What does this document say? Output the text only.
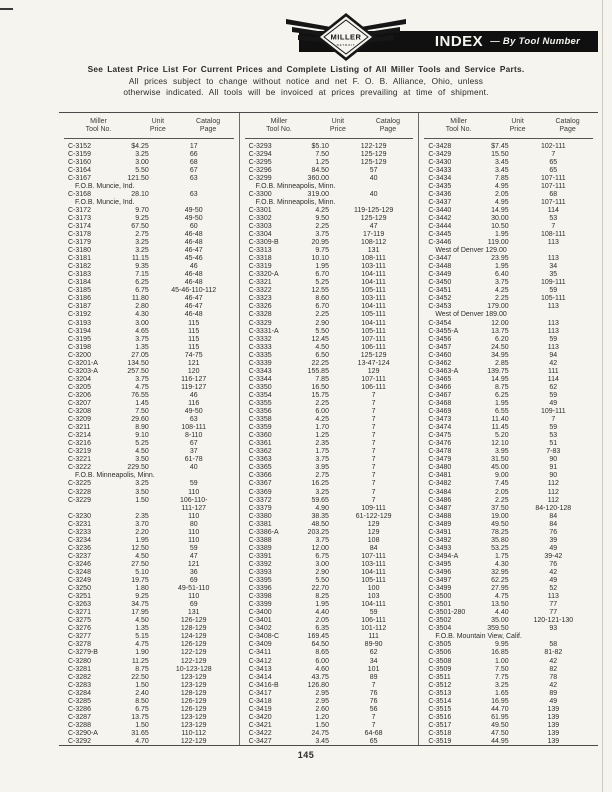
INDEX — By Tool Number
MILLER
DETROIT
See Latest Price List For Current Prices and Complete Listing of All Miller Tools and Service Parts.
All prices subject to change without notice and net F. O. B. Alliance, Ohio, unless
otherwise indicated. All tools will be invoiced at prices prevailing at time of shipment.
Miller
Tool No.
Unit
Price
Catalog
Page
C-3152	$4.25	17
C-3159	3.25	66
C-3160	3.00	68
C-3164	5.50	67
C-3167	121.50	63
F.O.B. Muncie, Ind.
C-3168	28.10	63
F.O.B. Muncie, Ind.
C-3172	9.70	49-50
C-3173	9.25	49-50
C-3174	67.50	60
C-3178	2.75	46-48
C-3179	3.25	46-48
C-3180	3.25	46-47
C-3181	11.15	45-46
C-3182	9.35	46
C-3183	7.15	46-48
C-3184	6.25	46-48
C-3185	6.75	45-46-110-112
C-3186	11.80	46-47
C-3187	2.80	46-47
C-3192	4.30	46-48
C-3193	3.00	115
C-3194	4.65	115
C-3195	3.75	115
C-3198	1.35	115
C-3200	27.05	74-75
C-3201-A	134.50	121
C-3203-A	257.50	120
C-3204	3.75	116-127
C-3205	4.75	119-127
C-3206	76.55	46
C-3207	1.45	116
C-3208	7.50	49-50
C-3209	29.60	63
C-3211	8.90	108-111
C-3214	9.10	8-110
C-3216	5.25	67
C-3219	4.50	37
C-3221	3.50	61-78
C-3222	229.50	40
F.O.B. Minneapolis, Minn.
C-3225	3.25	59
C-3228	3.50	110
C-3229	1.50	106-110-
111-127
C-3230	2.35	110
C-3231	3.70	80
C-3233	2.20	110
C-3234	1.95	110
C-3236	12.50	59
C-3237	4.50	47
C-3246	27.50	121
C-3248	5.10	36
C-3249	19.75	69
C-3250	1.80	49-51-110
C-3251	9.25	110
C-3263	34.75	69
C-3271	17.95	131
C-3275	4.50	126-129
C-3276	1.35	128-129
C-3277	5.15	124-129
C-3278	4.75	126-129
C-3279-B	1.90	122-129
C-3280	11.25	122-129
C-3281	8.75	10-123-128
C-3282	22.50	123-129
C-3283	1.50	123-129
C-3284	2.40	128-129
C-3285	8.50	126-129
C-3286	6.75	126-129
C-3287	13.75	123-129
C-3288	1.50	123-129
C-3290-A	31.65	110-112
C-3292	4.70	122-129
Miller
Tool No.
Unit
Price
Catalog
Page
C-3293	$5.10	122-129
C-3294	7.50	125-129
C-3295	1.25	125-129
C-3296	84.50	57
C-3299	360.00	40
F.O.B. Minneapolis, Minn.
C-3300	319.00	40
F.O.B. Minneapolis, Minn.
C-3301	4.25	119-125-129
C-3302	9.50	125-129
C-3303	2.25	47
C-3304	3.75	17-119
C-3309-B	20.95	108-112
C-3313	9.75	131
C-3318	10.10	108-111
C-3319	1.95	103-111
C-3320-A	6.70	104-111
C-3321	5.25	104-111
C-3322	12.55	105-111
C-3323	8.60	103-111
C-3326	6.70	104-111
C-3328	2.25	105-111
C-3329	2.90	104-111
C-3331-A	5.50	105-111
C-3332	12.45	107-111
C-3333	4.50	106-111
C-3335	6.50	125-129
C-3339	22.25	13-47-124
C-3343	155.85	129
C-3344	7.85	107-111
C-3350	16.50	106-111
C-3354	15.75	7
C-3355	2.25	7
C-3356	6.00	7
C-3358	4.25	7
C-3359	1.70	7
C-3360	1.25	7
C-3361	2.35	7
C-3362	1.75	7
C-3363	3.75	7
C-3365	3.95	7
C-3366	2.75	7
C-3367	16.25	7
C-3369	3.25	7
C-3372	59.65	7
C-3379	4.90	109-111
C-3380	38.35	61-122-129
C-3381	48.50	129
C-3386-A	203.25	129
C-3388	3.75	108
C-3389	12.00	84
C-3391	6.75	107-111
C-3392	3.00	103-111
C-3393	2.90	104-111
C-3395	5.50	105-111
C-3396	22.70	100
C-3398	8.25	103
C-3399	1.95	104-111
C-3400	4.40	59
C-3401	2.05	106-111
C-3402	6.35	101-112
C-3408-C	169.45	111
C-3409	64.50	89-90
C-3411	8.65	62
C-3412	6.00	34
C-3413	4.60	101
C-3414	43.75	89
C-3416-B	126.80	7
C-3417	2.95	76
C-3418	2.95	76
C-3419	2.60	56
C-3420	1.20	7
C-3421	1.50	7
C-3422	24.75	64-68
C-3427	3.45	65
Miller
Tool No.
Unit
Price
Catalog
Page
C-3428	$7.45	102-111
C-3429	15.50	7
C-3430	3.45	65
C-3433	3.45	65
C-3434	7.85	107-111
C-3435	4.95	107-111
C-3436	2.05	68
C-3437	4.95	107-111
C-3440	14.95	114
C-3442	30.00	53
C-3444	10.50	7
C-3445	1.95	108-111
C-3446	119.00	113
West of Denver 129.00
C-3447	23.95	113
C-3448	1.95	34
C-3449	6.40	35
C-3450	3.75	109-111
C-3451	4.25	59
C-3452	2.25	105-111
C-3453	179.00	113
West of Denver 189.00
C-3454	12.00	113
C-3455-A	13.75	113
C-3456	6.20	59
C-3457	24.50	113
C-3460	34.95	94
C-3462	2.85	42
C-3463-A	139.75	111
C-3465	14.95	114
C-3466	8.75	62
C-3467	6.25	59
C-3468	1.95	49
C-3469	6.55	109-111
C-3473	11.40	7
C-3474	11.45	59
C-3475	5.20	53
C-3476	12.10	51
C-3478	3.95	7-83
C-3479	31.50	90
C-3480	45.00	91
C-3481	9.00	90
C-3482	7.45	112
C-3484	2.05	112
C-3486	2.25	112
C-3487	37.50	84-120-128
C-3488	19.00	84
C-3489	49.50	84
C-3491	78.25	76
C-3492	35.80	39
C-3493	53.25	49
C-3494-A	1.75	39-42
C-3495	4.30	76
C-3496	32.95	42
C-3497	62.25	49
C-3499	27.95	52
C-3500	4.75	113
C-3501	13.50	77
C-3501-280	4.40	77
C-3502	35.00	120-121-130
C-3504	359.50	93
F.O.B. Mountain View, Calif.
C-3505	9.95	58
C-3506	16.85	81-82
C-3508	1.00	42
C-3509	7.50	82
C-3511	7.75	78
C-3512	3.25	42
C-3513	1.65	89
C-3514	16.95	49
C-3515	44.70	139
C-3516	61.95	139
C-3517	49.50	139
C-3518	47.50	139
C-3519	44.95	139
145
